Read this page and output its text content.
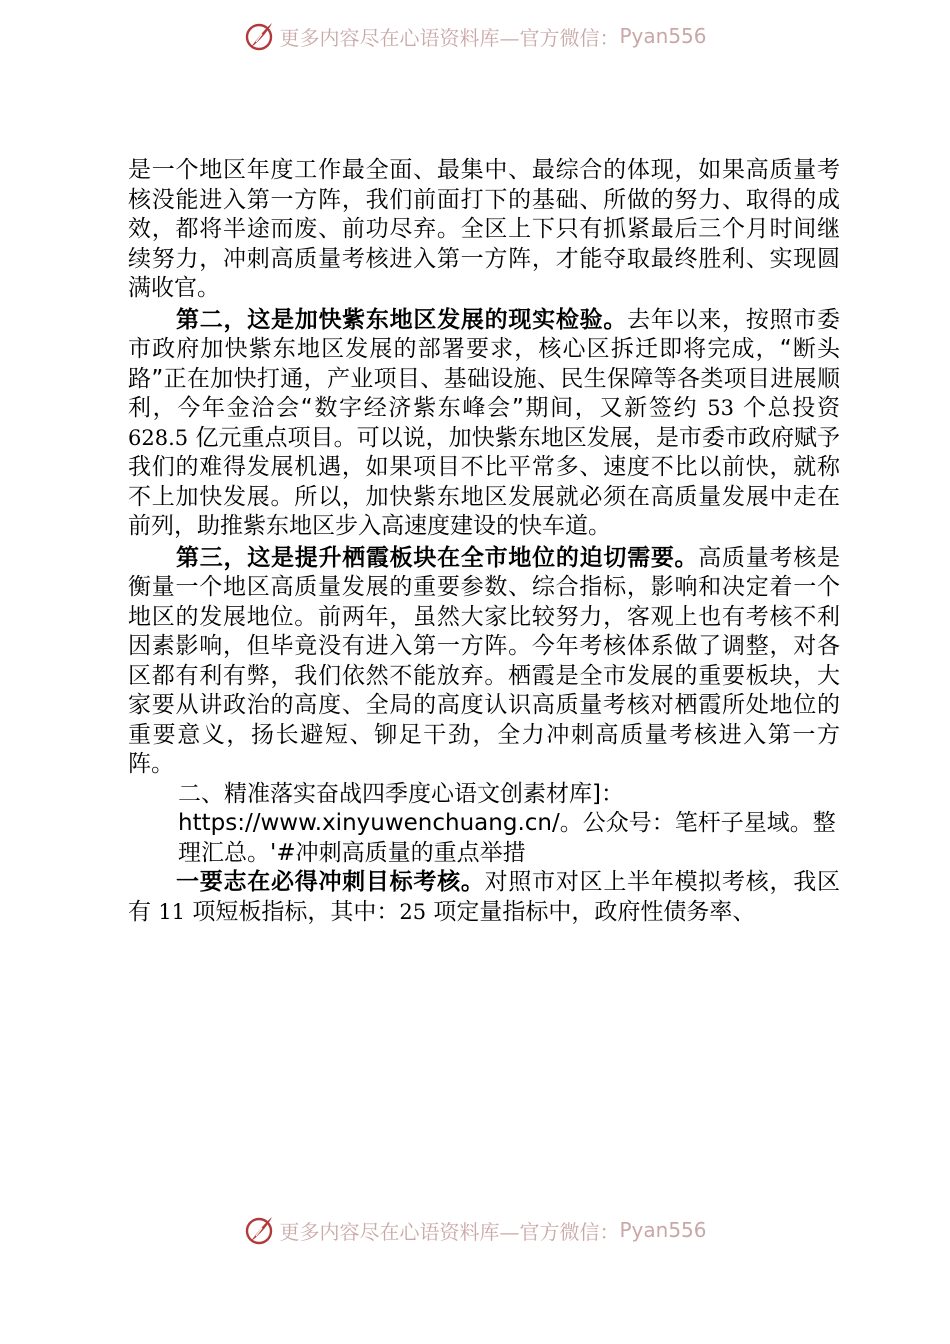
更多内容尽在心语资料库—官方微信： Pyan556

是一个地区年度工作最全面、最集中、最综合的体现，如果高质量考核没能进入第一方阵，我们前面打下的基础、所做的努力、取得的成效，都将半途而废、前功尽弃。全区上下只有抓紧最后三个月时间继续努力，冲刺高质量考核进入第一方阵，才能夺取最终胜利、实现圆满收官。

第二，这是加快紫东地区发展的现实检验。去年以来，按照市委市政府加快紫东地区发展的部署要求，核心区拆迁即将完成，“断头路”正在加快打通，产业项目、基础设施、民生保障等各类项目进展顺利，今年金洽会“数字经济紫东峰会”期间，又新签约 53 个总投资 628.5 亿元重点项目。可以说，加快紫东地区发展，是市委市政府赋予我们的难得发展机遇，如果项目不比平常多、速度不比以前快，就称不上加快发展。所以，加快紫东地区发展就必须在高质量发展中走在前列，助推紫东地区步入高速度建设的快车道。

第三，这是提升栖霞板块在全市地位的迫切需要。高质量考核是衡量一个地区高质量发展的重要参数、综合指标，影响和决定着一个地区的发展地位。前两年，虽然大家比较努力，客观上也有考核不利因素影响，但毕竟没有进入第一方阵。今年考核体系做了调整，对各区都有利有弊，我们依然不能放弃。栖霞是全市发展的重要板块，大家要从讲政治的高度、全局的高度认识高质量考核对栖霞所处地位的重要意义，扬长避短、铆足干劲，全力冲刺高质量考核进入第一方阵。

二、精准落实奋战四季度心语文创素材库]：https://www.xinyuwenchuang.cn/。公众号：笔杆子星域。整理汇总。'#冲刺高质量的重点举措

一要志在必得冲刺目标考核。对照市对区上半年模拟考核，我区有 11 项短板指标，其中：25 项定量指标中，政府性债务率、

更多内容尽在心语资料库—官方微信： Pyan556
